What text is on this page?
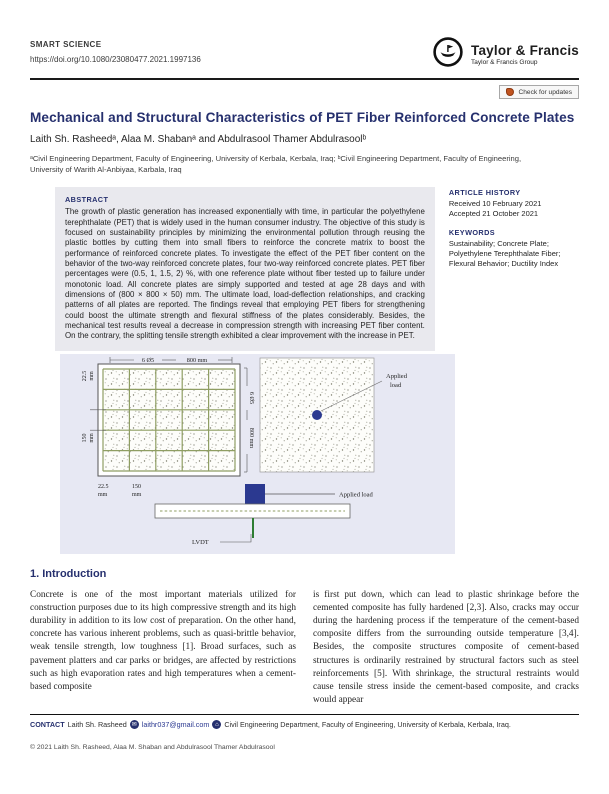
SMART SCIENCE
https://doi.org/10.1080/23080477.2021.1997136
Taylor & Francis
Taylor & Francis Group
Check for updates
Mechanical and Structural Characteristics of PET Fiber Reinforced Concrete Plates
Laith Sh. Rasheedᵃ, Alaa M. Shabanᵃ and Abdulrasool Thamer Abdulrasoolᵇ
ᵃCivil Engineering Department, Faculty of Engineering, University of Kerbala, Kerbala, Iraq; ᵇCivil Engineering Department, Faculty of Engineering, University of Warith Al-Anbiyaa, Karbala, Iraq
ABSTRACT
The growth of plastic generation has increased exponentially with time, in particular the polyethylene terephthalate (PET) that is widely used in the human consumer industry. The objective of this study is focused on sustainability principles by minimizing the environmental pollution through reusing the plastic bottles by cutting them into small fibers to reinforce the concrete matrix to boost the performance of reinforced concrete plates. To investigate the effect of the PET fiber content on the behavior of the two-way reinforced concrete plates, four two-way reinforced concrete plates. PET fiber percentages were (0.5, 1, 1.5, 2) %, with one reference plate without fiber tested up to failure under monotonic load. All concrete plates are simply supported and tested at age 28 days and with dimensions of (800 × 800 × 50) mm. The ultimate load, load-deflection relationships, and cracking patterns of all plates are reported. The findings reveal that employing PET fibers for strengthening could boost the ultimate strength and flexural stiffness of the plates considerably. Besides, the mechanical test results reveal a decrease in compression strength with increasing PET fiber content. On the contrary, the splitting tensile strength exhibited a clear improvement with the increase in PET.
ARTICLE HISTORY

Received 10 February 2021

Accepted 21 October 2021

KEYWORDS

Sustainability; Concrete Plate; Polyethylene Terephthalate Fiber; Flexural Behavior; Ductility Index

6 Ø5	800 mm
6 Ø5
800 mm
22.5 mm
150 mm
22.5
mm
150
mm
Applied
load
Applied load
LVDT
1. Introduction
Concrete is one of the most important materials utilized for construction purposes due to its high compressive strength and its high durability in addition to its low cost of preparation. On the other hand, concrete has various inherent problems, such as quasi-brittle behavior, weak tensile strength, low toughness [1]. Broad surfaces, such as pavement platters and car parks or bridges, are affected by restrictions such as high evaporation rates and high temperatures when a cement-based composite
is first put down, which can lead to plastic shrinkage before the cemented composite has fully hardened [2,3]. Also, cracks may occur during the hardening process if the temperature of the cement-based composite differs from the surrounding outside temperature [3,4]. Besides, the composite structures composite of cement-based structures is ordinarily restrained by structural factors such as steel reinforcements [5]. With shrinkage, the structural restraints would cause tensile stress inside the cement-based composite, and cracks would appear
CONTACT Laith Sh. Rasheed ✉ laithr037@gmail.com ⌂ Civil Engineering Department, Faculty of Engineering, University of Kerbala, Kerbala, Iraq.
© 2021 Laith Sh. Rasheed, Alaa M. Shaban and Abdulrasool Thamer Abdulrasool
